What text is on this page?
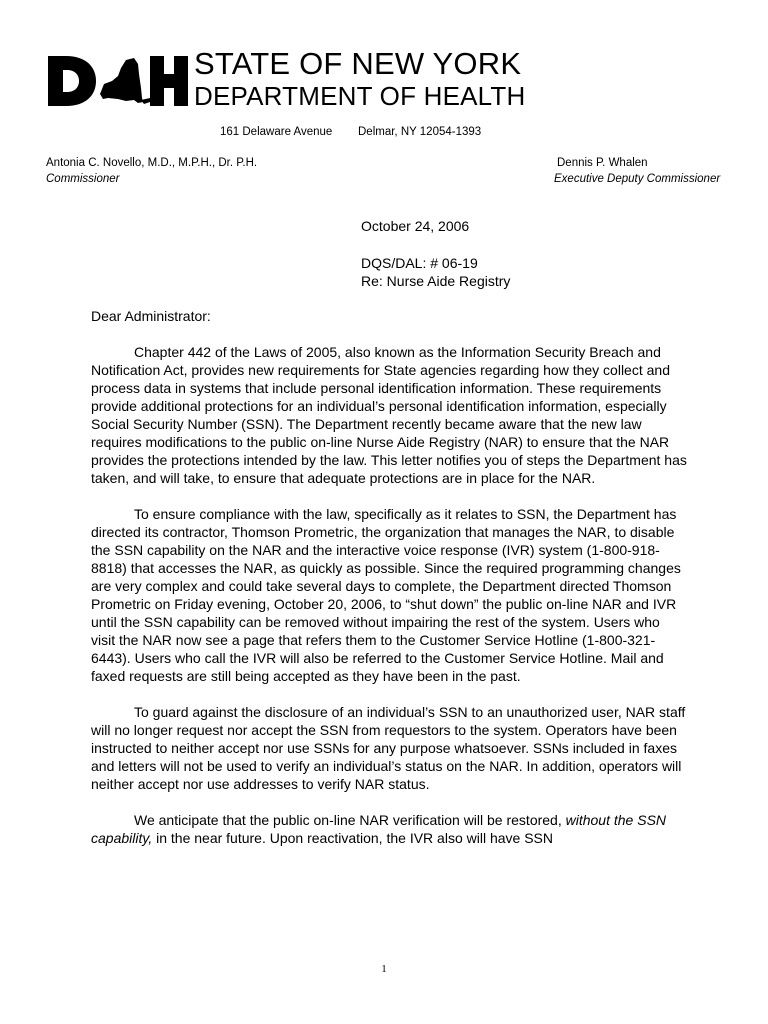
STATE OF NEW YORK
DEPARTMENT OF HEALTH
161 Delaware Avenue Delmar, NY 12054-1393
Antonia C. Novello, M.D., M.P.H., Dr. P.H.
Commissioner
Dennis P. Whalen
Executive Deputy Commissioner
October 24, 2006
DQS/DAL: # 06-19
Re: Nurse Aide Registry

Dear Administrator:

Chapter 442 of the Laws of 2005, also known as the Information Security Breach and Notification Act, provides new requirements for State agencies regarding how they collect and process data in systems that include personal identification information. These requirements provide additional protections for an individual’s personal identification information, especially Social Security Number (SSN). The Department recently became aware that the new law requires modifications to the public on-line Nurse Aide Registry (NAR) to ensure that the NAR provides the protections intended by the law. This letter notifies you of steps the Department has taken, and will take, to ensure that adequate protections are in place for the NAR.

To ensure compliance with the law, specifically as it relates to SSN, the Department has directed its contractor, Thomson Prometric, the organization that manages the NAR, to disable the SSN capability on the NAR and the interactive voice response (IVR) system (1-800-918-8818) that accesses the NAR, as quickly as possible. Since the required programming changes are very complex and could take several days to complete, the Department directed Thomson Prometric on Friday evening, October 20, 2006, to “shut down” the public on-line NAR and IVR until the SSN capability can be removed without impairing the rest of the system. Users who visit the NAR now see a page that refers them to the Customer Service Hotline (1-800-321-6443). Users who call the IVR will also be referred to the Customer Service Hotline. Mail and faxed requests are still being accepted as they have been in the past.

To guard against the disclosure of an individual’s SSN to an unauthorized user, NAR staff will no longer request nor accept the SSN from requestors to the system. Operators have been instructed to neither accept nor use SSNs for any purpose whatsoever. SSNs included in faxes and letters will not be used to verify an individual’s status on the NAR. In addition, operators will neither accept nor use addresses to verify NAR status.

We anticipate that the public on-line NAR verification will be restored, without the SSN capability, in the near future. Upon reactivation, the IVR also will have SSN

1
